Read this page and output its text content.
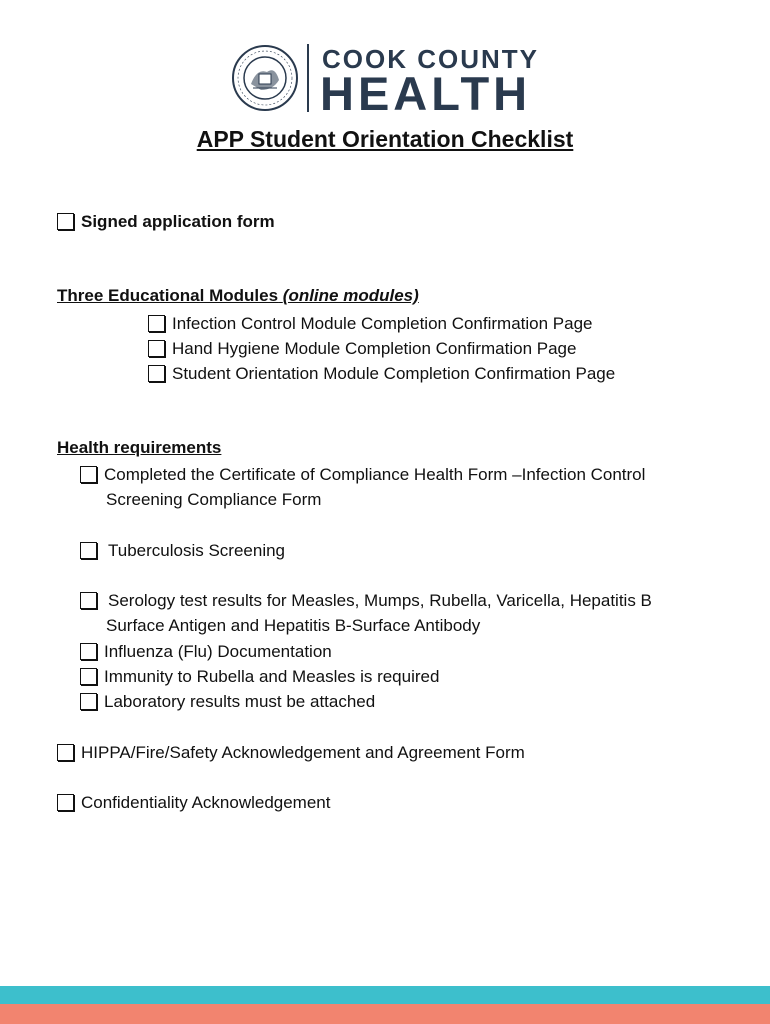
COOK COUNTY
HEALTH
APP Student Orientation Checklist
Signed application form
Three Educational Modules (online modules)
Infection Control Module Completion Confirmation Page
Hand Hygiene Module Completion Confirmation Page
Student Orientation Module Completion Confirmation Page
Health requirements
Completed the Certificate of Compliance Health Form –Infection Control
Screening Compliance Form
Tuberculosis Screening
Serology test results for Measles, Mumps, Rubella, Varicella, Hepatitis B
Surface Antigen and Hepatitis B-Surface Antibody
Influenza (Flu) Documentation
Immunity to Rubella and Measles is required
Laboratory results must be attached
HIPPA/Fire/Safety Acknowledgement and Agreement Form
Confidentiality Acknowledgement
